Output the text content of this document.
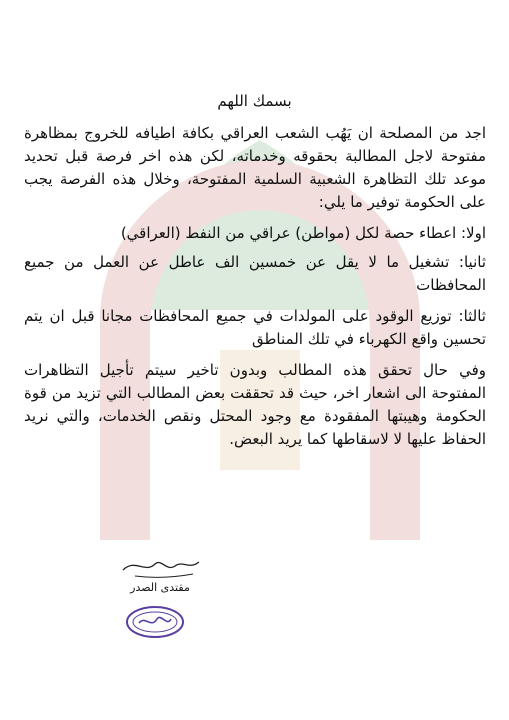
بسمك اللهم

اجد من المصلحة ان يَهُب الشعب العراقي بكافة اطيافه للخروج بمظاهرة مفتوحة لاجل المطالبة بحقوقه وخدماته، لكن هذه اخر فرصة قبل تحديد موعد تلك التظاهرة الشعبية السلمية المفتوحة، وخلال هذه الفرصة يجب على الحكومة توفير ما يلي:

اولا: اعطاء حصة لكل (مواطن) عراقي من النفط (العراقي)

ثانيا: تشغيل ما لا يقل عن خمسين الف عاطل عن العمل من جميع المحافظات

ثالثا: توزيع الوقود على المولدات في جميع المحافظات مجانا قبل ان يتم تحسين واقع الكهرباء في تلك المناطق

وفي حال تحقق هذه المطالب وبدون تاخير سيتم تأجيل التظاهرات المفتوحة الى اشعار اخر، حيث قد تحققت بعض المطالب التي تزيد من قوة الحكومة وهيبتها المفقودة مع وجود المحتل ونقص الخدمات، والتي نريد الحفاظ عليها لا لاسقاطها كما يريد البعض.

مقتدى الصدر
